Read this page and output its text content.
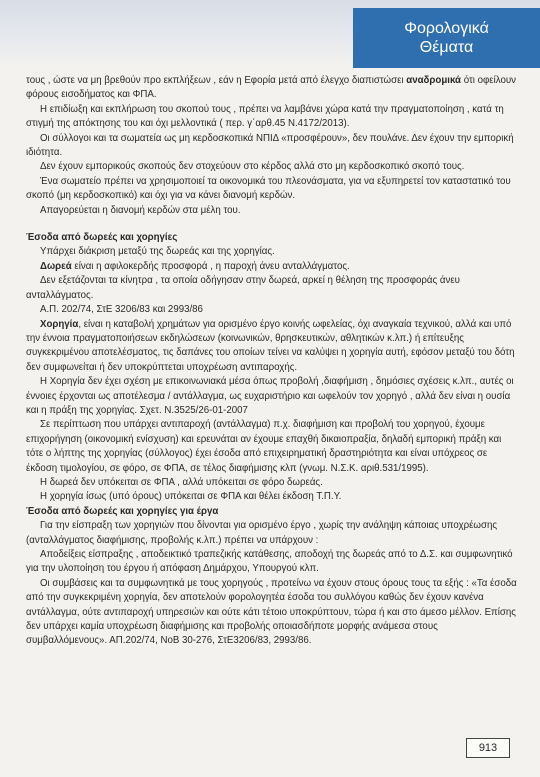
Φορολογικά
Θέματα

τους , ώστε να μη βρεθούν προ εκπλήξεων , εάν η Εφορία μετά από έλεγχο διαπιστώσει αναδρομικά ότι οφείλουν φόρους εισοδήματος και ΦΠΑ.

Η επιδίωξη και εκπλήρωση του σκοπού τους , πρέπει να λαμβάνει χώρα κατά την πραγματοποίηση , κατά τη στιγμή της απόκτησης του και όχι μελλοντικά ( περ. γ΄αρθ.45 Ν.4172/2013).

Οι σύλλογοι και τα σωματεία ως μη κερδοσκοπικά ΝΠΙΔ «προσφέρουν», δεν πουλάνε. Δεν έχουν την εμπορική ιδιότητα.

Δεν έχουν εμπορικούς σκοπούς δεν στοχεύουν στο κέρδος αλλά στο μη κερδοσκοπικό σκοπό τους.

Ένα σωματείο πρέπει να χρησιμοποιεί τα οικονομικά του πλεονάσματα, για να εξυπηρετεί τον καταστατικό του σκοπό (μη κερδοσκοπικό) και όχι για να κάνει διανομή κερδών.

Απαγορεύεται η διανομή κερδών στα μέλη του.

Έσοδα από δωρεές και χορηγίες

Υπάρχει διάκριση μεταξύ της δωρεάς και της χορηγίας.

Δωρεά είναι η αφιλοκερδής προσφορά , η παροχή άνευ ανταλλάγματος.

Δεν εξετάζονται τα κίνητρα , τα οποία οδήγησαν στην δωρεά, αρκεί η θέληση της προσφοράς άνευ ανταλλάγματος.

Α.Π. 202/74, ΣτΕ 3206/83 και 2993/86

Χορηγία, είναι η καταβολή χρημάτων για ορισμένο έργο κοινής ωφελείας, όχι αναγκαία τεχνικού, αλλά και υπό την έννοια πραγματοποιήσεων εκδηλώσεων (κοινωνικών, θρησκευτικών, αθλητικών κ.λπ.) ή επίτευξης συγκεκριμένου αποτελέσματος, τις δαπάνες του οποίων τείνει να καλύψει η χορηγία αυτή, εφόσον μεταξύ του δότη δεν συμφωνείται ή δεν υποκρύπτεται υποχρέωση αντιπαροχής.

Η Χορηγία δεν έχει σχέση με επικοινωνιακά μέσα όπως προβολή ,διαφήμιση , δημόσιες σχέσεις κ.λπ., αυτές οι έννοιες έρχονται ως αποτέλεσμα / αντάλλαγμα, ως ευχαριστήριο και ωφελούν τον χορηγό , αλλά δεν είναι η ουσία και η πράξη της χορηγίας. Σχετ. Ν.3525/26-01-2007

Σε περίπτωση που υπάρχει αντιπαροχή (αντάλλαγμα) π.χ. διαφήμιση και προβολή του χορηγού, έχουμε επιχορήγηση (οικονομική ενίσχυση) και ερευνάται αν έχουμε επαχθή δικαιοπραξία, δηλαδή εμπορική πράξη και τότε ο λήπτης της χορηγίας (σύλλογος) έχει έσοδα από επιχειρηματική δραστηριότητα και είναι υπόχρεος σε έκδοση τιμολογίου, σε φόρο, σε ΦΠΑ, σε τέλος διαφήμισης κλπ (γνωμ. Ν.Σ.Κ. αριθ.531/1995).

Η δωρεά δεν υπόκειται σε ΦΠΑ , αλλά υπόκειται σε φόρο δωρεάς.

Η χορηγία ίσως (υπό όρους) υπόκειται σε ΦΠΑ και θέλει έκδοση Τ.Π.Υ.

Έσοδα από δωρεές και χορηγίες για έργα

Για την είσπραξη των χορηγιών που δίνονται για ορισμένο έργο , χωρίς την ανάληψη κάποιας υποχρέωσης (ανταλλάγματος διαφήμισης, προβολής κ.λπ.) πρέπει να υπάρχουν :

Αποδείξεις είσπραξης , αποδεικτικό τραπεζικής κατάθεσης, αποδοχή της δωρεάς από το Δ.Σ. και συμφωνητικό για την υλοποίηση του έργου ή απόφαση Δημάρχου, Υπουργού κλπ.

Οι συμβάσεις και τα συμφωνητικά με τους χορηγούς , προτείνω να έχουν στους όρους τους τα εξής : «Τα έσοδα από την συγκεκριμένη χορηγία, δεν αποτελούν φορολογητέα έσοδα του συλλόγου καθώς δεν έχουν κανένα αντάλλαγμα, ούτε αντιπαροχή υπηρεσιών και ούτε κάτι τέτοιο υποκρύπτουν, τώρα ή και στο άμεσο μέλλον. Επίσης δεν υπάρχει καμία υποχρέωση διαφήμισης και προβολής οποιασδήποτε μορφής ανάμεσα στους συμβαλλόμενους». ΑΠ.202/74, ΝοΒ 30-276, ΣτΕ3206/83, 2993/86.

913
